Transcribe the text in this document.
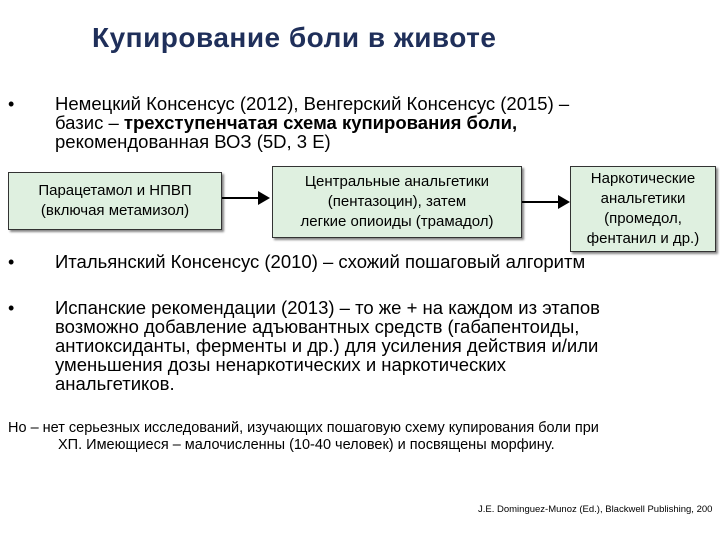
Купирование боли в животе
• Немецкий Консенсус (2012), Венгерский Консенсус (2015) –
базис – трехступенчатая схема купирования боли,
рекомендованная ВОЗ (5D, 3 Е)
Парацетамол и НПВП
(включая метамизол)
Центральные анальгетики
(пентазоцин), затем
легкие опиоиды (трамадол)
Наркотические
анальгетики
(промедол,
фентанил и др.)
• Итальянский Консенсус (2010) – схожий пошаговый алгоритм
• Испанские рекомендации (2013) – то же + на каждом из этапов
возможно добавление адъювантных средств (габапентоиды,
антиоксиданты, ферменты и др.) для усиления действия и/или
уменьшения дозы ненаркотических и наркотических
анальгетиков.
Но – нет серьезных исследований, изучающих пошаговую схему купирования боли при
ХП. Имеющиеся – малочисленны (10-40 человек) и посвящены морфину.
J.E. Dominguez-Munoz (Ed.), Blackwell Publishing, 200
